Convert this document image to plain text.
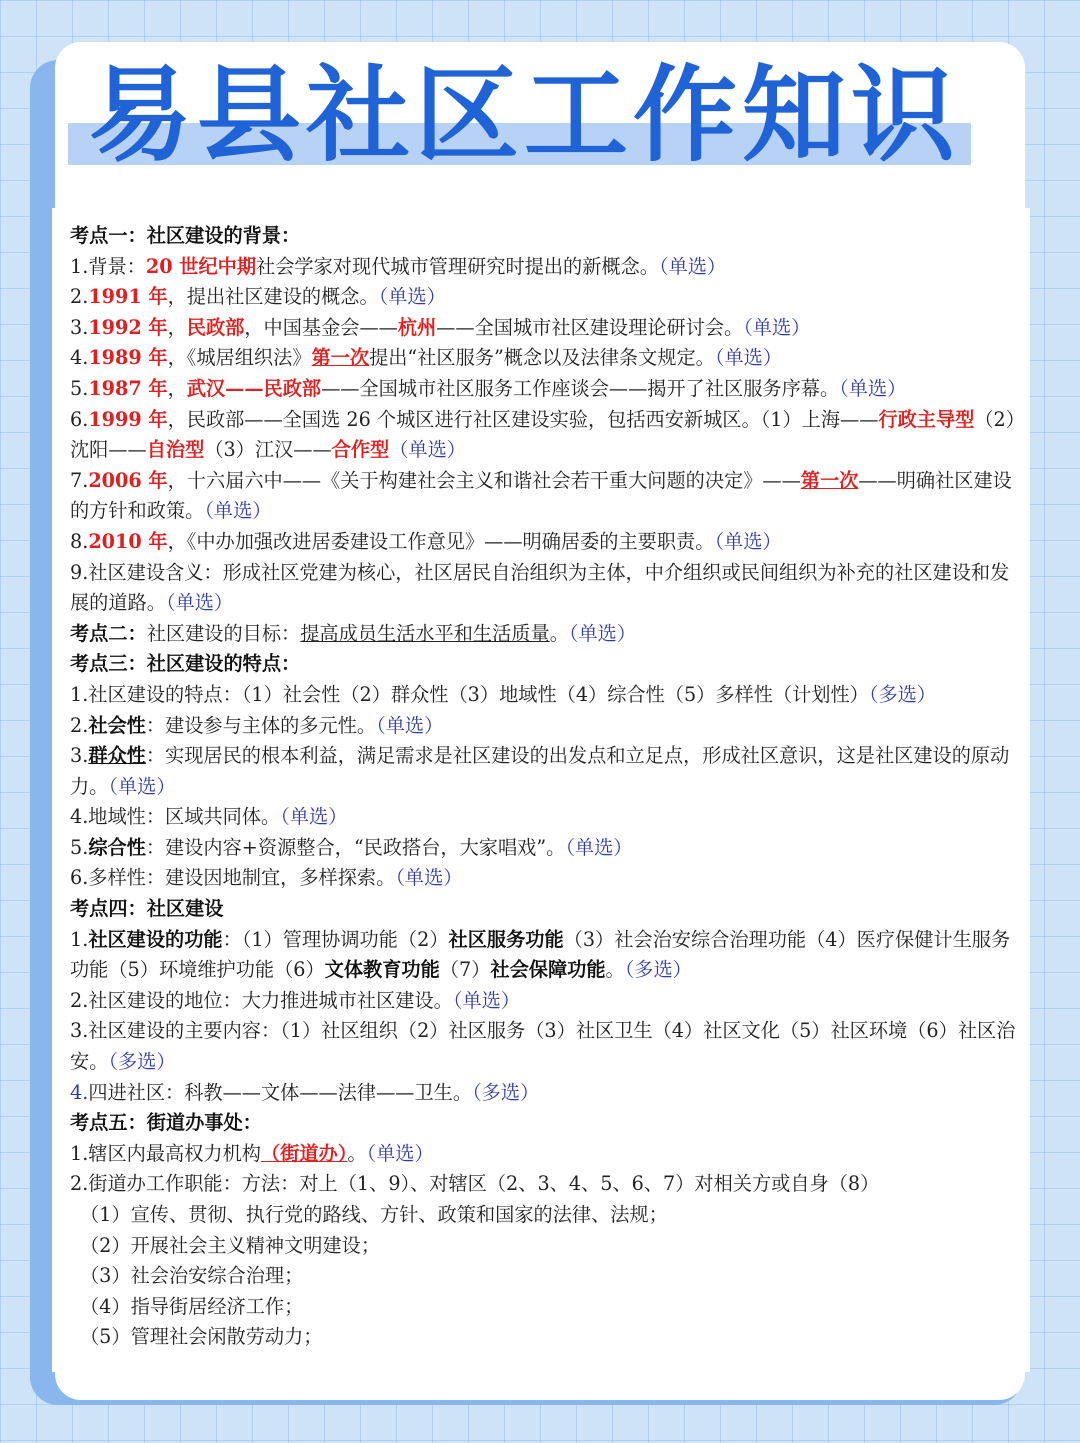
易县社区工作知识

考点一：社区建设的背景：

1.背景：20 世纪中期社会学家对现代城市管理研究时提出的新概念。（单选）

2.1991 年，提出社区建设的概念。（单选）

3.1992 年，民政部，中国基金会——杭州——全国城市社区建设理论研讨会。（单选）

4.1989 年，《城居组织法》第一次提出“社区服务”概念以及法律条文规定。（单选）

5.1987 年，武汉——民政部——全国城市社区服务工作座谈会——揭开了社区服务序幕。（单选）

6.1999 年，民政部——全国选 26 个城区进行社区建设实验，包括西安新城区。（1）上海——行政主导型（2）沈阳——自治型（3）江汉——合作型（单选）

7.2006 年，十六届六中——《关于构建社会主义和谐社会若干重大问题的决定》——第一次——明确社区建设的方针和政策。（单选）

8.2010 年，《中办加强改进居委建设工作意见》——明确居委的主要职责。（单选）

9.社区建设含义：形成社区党建为核心，社区居民自治组织为主体，中介组织或民间组织为补充的社区建设和发展的道路。（单选）

考点二：社区建设的目标：提高成员生活水平和生活质量。（单选）

考点三：社区建设的特点：

1.社区建设的特点：（1）社会性（2）群众性（3）地域性（4）综合性（5）多样性（计划性）（多选）

2.社会性：建设参与主体的多元性。（单选）

3.群众性：实现居民的根本利益，满足需求是社区建设的出发点和立足点，形成社区意识，这是社区建设的原动力。（单选）

4.地域性：区域共同体。（单选）

5.综合性：建设内容+资源整合，“民政搭台，大家唱戏”。（单选）

6.多样性：建设因地制宜，多样探索。（单选）

考点四：社区建设

1.社区建设的功能：（1）管理协调功能（2）社区服务功能（3）社会治安综合治理功能（4）医疗保健计生服务功能（5）环境维护功能（6）文体教育功能（7）社会保障功能。（多选）

2.社区建设的地位：大力推进城市社区建设。（单选）

3.社区建设的主要内容：（1）社区组织（2）社区服务（3）社区卫生（4）社区文化（5）社区环境（6）社区治安。（多选）

4.四进社区：科教——文体——法律——卫生。（多选）

考点五：街道办事处：

1.辖区内最高权力机构（街道办）。（单选）

2.街道办工作职能：方法：对上（1、9）、对辖区（2、3、4、5、6、7）对相关方或自身（8）

（1）宣传、贯彻、执行党的路线、方针、政策和国家的法律、法规；

（2）开展社会主义精神文明建设；

（3）社会治安综合治理；

（4）指导街居经济工作；

（5）管理社会闲散劳动力；
